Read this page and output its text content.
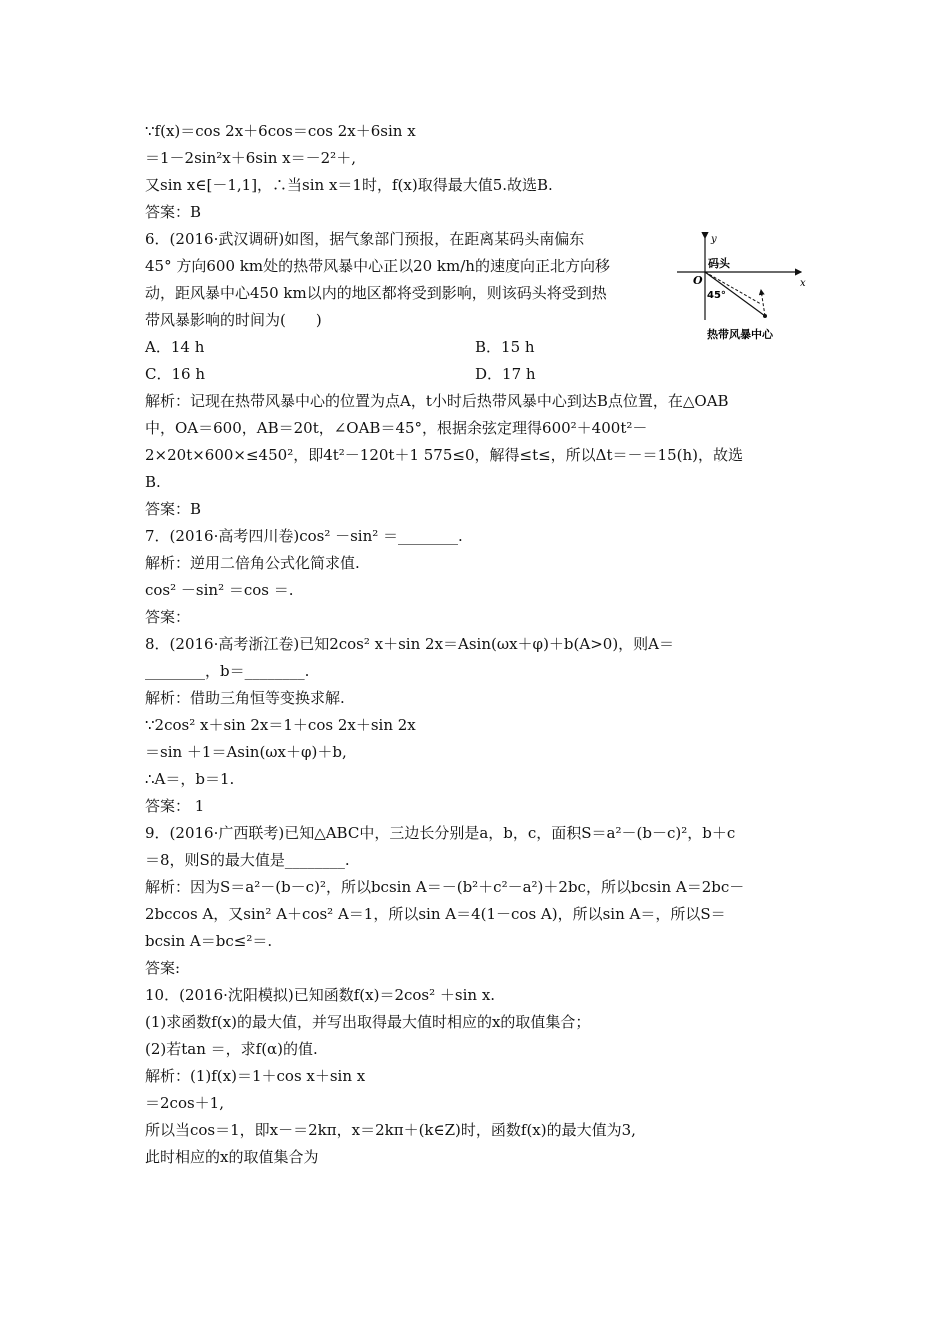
∵f(x)＝cos 2x＋6cos＝cos 2x＋6sin x
＝1－2sin²x＋6sin x＝－2²＋,
又sin x∈[－1,1]，∴当sin x＝1时，f(x)取得最大值5.故选B.
答案：B
6．(2016·武汉调研)如图，据气象部门预报，在距离某码头南偏东
45° 方向600 km处的热带风暴中心正以20 km/h的速度向正北方向移
动，距风暴中心450 km以内的地区都将受到影响，则该码头将受到热
带风暴影响的时间为(　　)
y
x
O
码头
45°
热带风暴中心
A．14 h	B．15 h
C．16 h	D．17 h
解析：记现在热带风暴中心的位置为点A，t小时后热带风暴中心到达B点位置，在△OAB
中，OA＝600，AB＝20t，∠OAB＝45°，根据余弦定理得600²＋400t²－
2×20t×600×≤450²，即4t²－120t＋1 575≤0，解得≤t≤，所以Δt＝－＝15(h)，故选
B.
答案：B
7．(2016·高考四川卷)cos² －sin² ＝________.
解析：逆用二倍角公式化简求值.
cos² －sin² ＝cos ＝.
答案：
8．(2016·高考浙江卷)已知2cos² x＋sin 2x＝Asin(ωx＋φ)＋b(A>0)，则A＝
________，b＝________.
解析：借助三角恒等变换求解.
∵2cos² x＋sin 2x＝1＋cos 2x＋sin 2x
＝sin ＋1＝Asin(ωx＋φ)＋b,
∴A＝，b＝1.
答案： 1
9．(2016·广西联考)已知△ABC中，三边长分别是a，b，c，面积S＝a²－(b－c)²，b＋c
＝8，则S的最大值是________.
解析：因为S＝a²－(b－c)²，所以bcsin A＝－(b²＋c²－a²)＋2bc，所以bcsin A＝2bc－
2bccos A，又sin² A＋cos² A＝1，所以sin A＝4(1－cos A)，所以sin A＝，所以S＝
bcsin A＝bc≤²＝.
答案:
10．(2016·沈阳模拟)已知函数f(x)＝2cos² ＋sin x.
(1)求函数f(x)的最大值，并写出取得最大值时相应的x的取值集合；
(2)若tan ＝，求f(α)的值.
解析：(1)f(x)＝1＋cos x＋sin x
＝2cos＋1,
所以当cos＝1，即x－＝2kπ，x＝2kπ＋(k∈Z)时，函数f(x)的最大值为3,
此时相应的x的取值集合为
